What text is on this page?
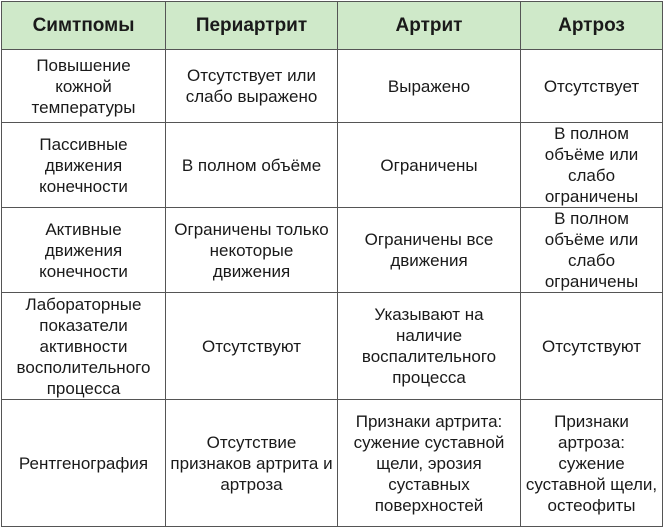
Симтпомы	Периартрит	Артрит	Артроз
Повышение кожной температуры	Отсутствует или слабо выражено	Выражено	Отсутствует
Пассивные движения конечности	В полном объёме	Ограничены	В полном объёме или слабо ограничены
Активные движения конечности	Ограничены только некоторые движения	Ограничены все движения	В полном объёме или слабо ограничены
Лабораторные показатели активности восполительного процесса	Отсутствуют	Указывают на наличие воспалительного процесса	Отсутствуют
Рентгенография	Отсутствие признаков артрита и артроза	Признаки артрита: сужение суставной щели, эрозия суставных поверхностей	Признаки артроза: сужение суставной щели, остеофиты
